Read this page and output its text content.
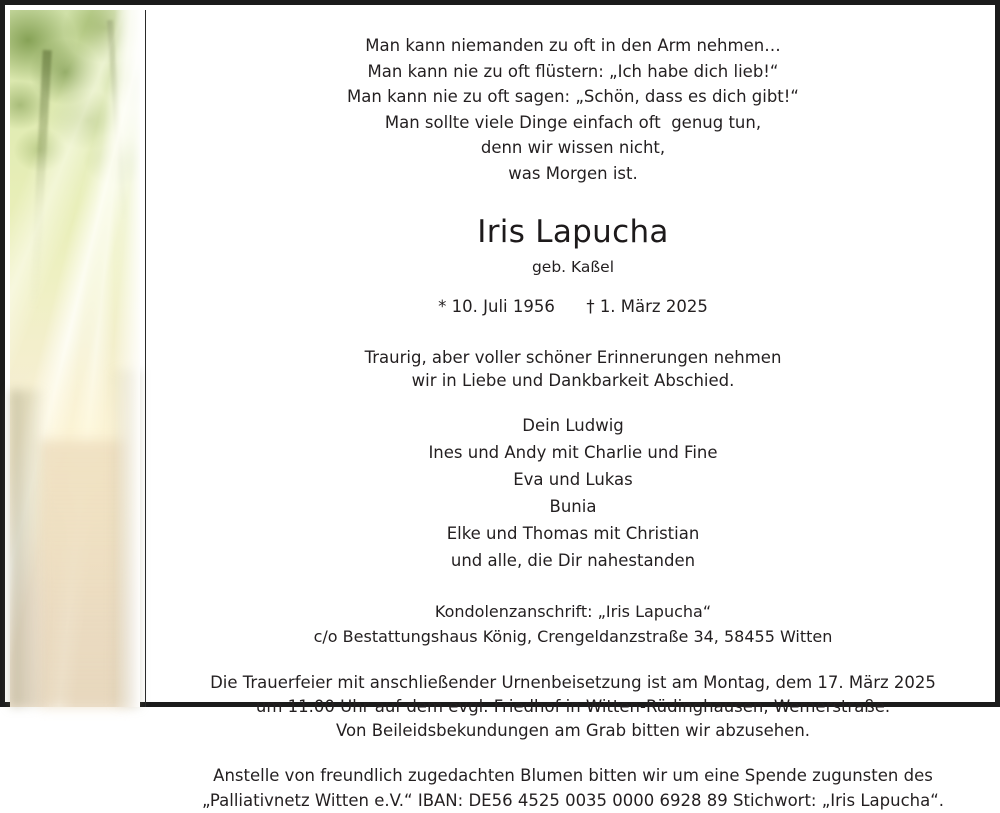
Man kann niemanden zu oft in den Arm nehmen…
Man kann nie zu oft flüstern: „Ich habe dich lieb!“
Man kann nie zu oft sagen: „Schön, dass es dich gibt!“
Man sollte viele Dinge einfach oft  genug tun,
denn wir wissen nicht,
was Morgen ist.
Iris Lapucha
geb. Kaßel
* 10. Juli 1956      † 1. März 2025
Traurig, aber voller schöner Erinnerungen nehmen
wir in Liebe und Dankbarkeit Abschied.
Dein Ludwig
Ines und Andy mit Charlie und Fine
Eva und Lukas
Bunia
Elke und Thomas mit Christian
und alle, die Dir nahestanden
Kondolenzanschrift: „Iris Lapucha“
c/o Bestattungshaus König, Crengeldanzstraße 34, 58455 Witten
Die Trauerfeier mit anschließender Urnenbeisetzung ist am Montag, dem 17. März 2025
um 11.00 Uhr auf dem evgl. Friedhof in Witten-Rüdinghausen, Wemerstraße.
Von Beileidsbekundungen am Grab bitten wir abzusehen.
Anstelle von freundlich zugedachten Blumen bitten wir um eine Spende zugunsten des
„Palliativnetz Witten e.V.“ IBAN: DE56 4525 0035 0000 6928 89 Stichwort: „Iris Lapucha“.
